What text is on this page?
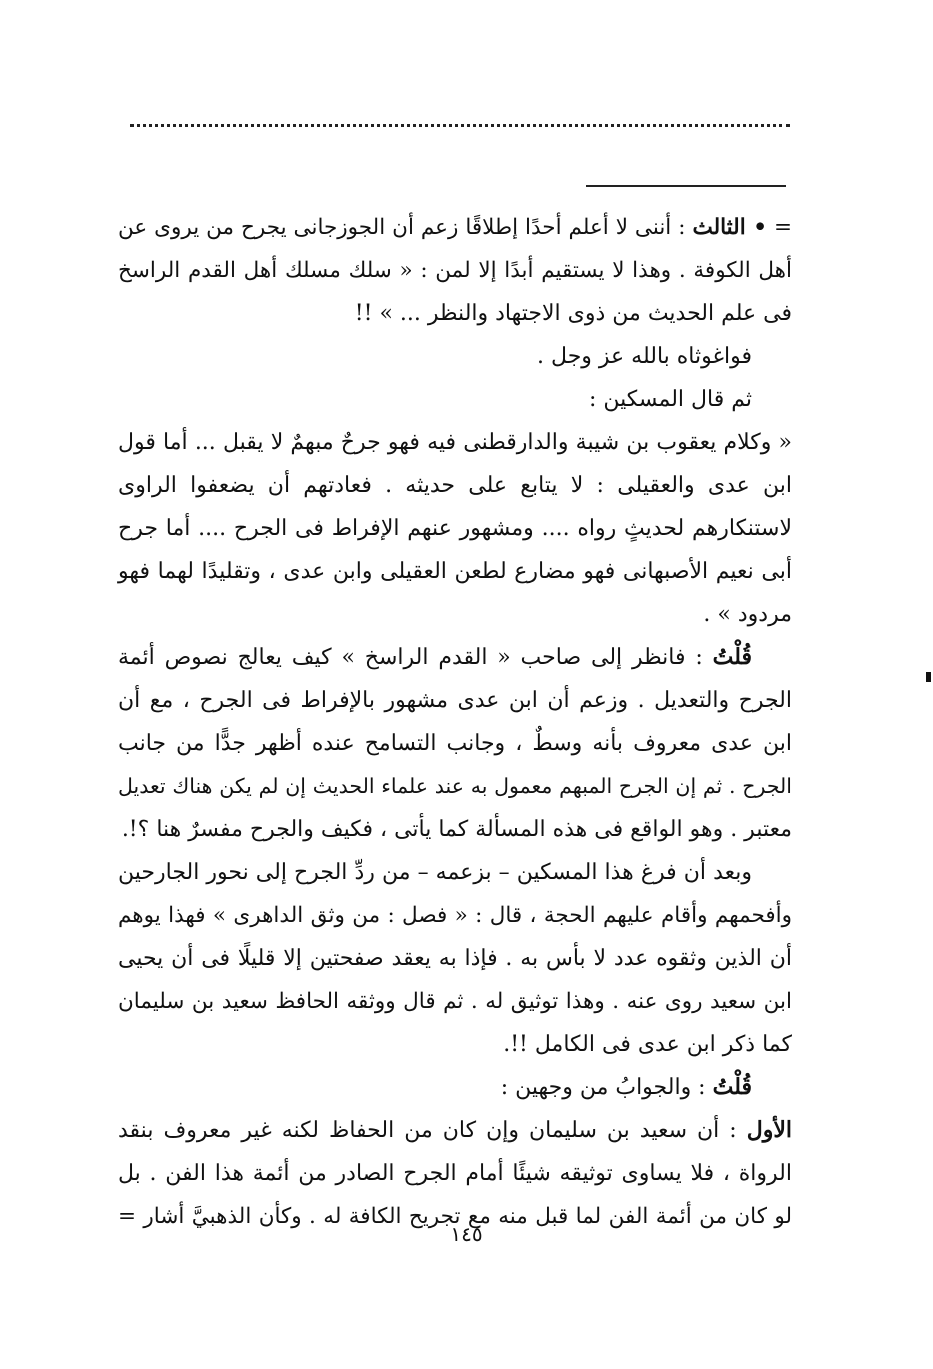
= • الثالث : أننى لا أعلم أحدًا إطلاقًا زعم أن الجوزجانى يجرح من يروى عن
أهل الكوفة . وهذا لا يستقيم أبدًا إلا لمن : « سلك مسلك أهل القدم الراسخ
فى علم الحديث من ذوى الاجتهاد والنظر ... » !!
فواغوثاه بالله عز وجل .
ثم قال المسكين :
« وكلام يعقوب بن شيبة والدارقطنى فيه فهو جرحٌ مبهمٌ لا يقبل ... أما قول
ابن عدى والعقيلى : لا يتابع على حديثه . فعادتهم أن يضعفوا الراوى
لاستنكارهم لحديثٍ رواه .... ومشهور عنهم الإفراط فى الجرح .... أما جرح
أبى نعيم الأصبهانى فهو مضارع لطعن العقيلى وابن عدى ، وتقليدًا لهما فهو
مردود » .
قُلْتُ : فانظر إلى صاحب « القدم الراسخ » كيف يعالج نصوص أئمة
الجرح والتعديل . وزعم أن ابن عدى مشهور بالإفراط فى الجرح ، مع أن
ابن عدى معروف بأنه وسطٌ ، وجانب التسامح عنده أظهر جدًّا من جانب
الجرح . ثم إن الجرح المبهم معمول به عند علماء الحديث إن لم يكن هناك تعديل
معتبر . وهو الواقع فى هذه المسألة كما يأتى ، فكيف والجرح مفسرٌ هنا ؟!.
وبعد أن فرغ هذا المسكين – بزعمه – من ردِّ الجرح إلى نحور الجارحين
وأفحمهم وأقام عليهم الحجة ، قال : « فصل : من وثق الداهرى » فهذا يوهم
أن الذين وثقوه عدد لا بأس به . فإذا به يعقد صفحتين إلا قليلًا فى أن يحيى
ابن سعيد روى عنه . وهذا توثيق له . ثم قال ووثقه الحافظ سعيد بن سليمان
كما ذكر ابن عدى فى الكامل !!.
قُلْتُ : والجوابُ من وجهين :
الأول : أن سعيد بن سليمان وإن كان من الحفاظ لكنه غير معروف بنقد
الرواة ، فلا يساوى توثيقه شيئًا أمام الجرح الصادر من أئمة هذا الفن . بل
لو كان من أئمة الفن لما قبل منه مع تجريح الكافة له . وكأن الذهبيَّ أشار =
١٤٥
